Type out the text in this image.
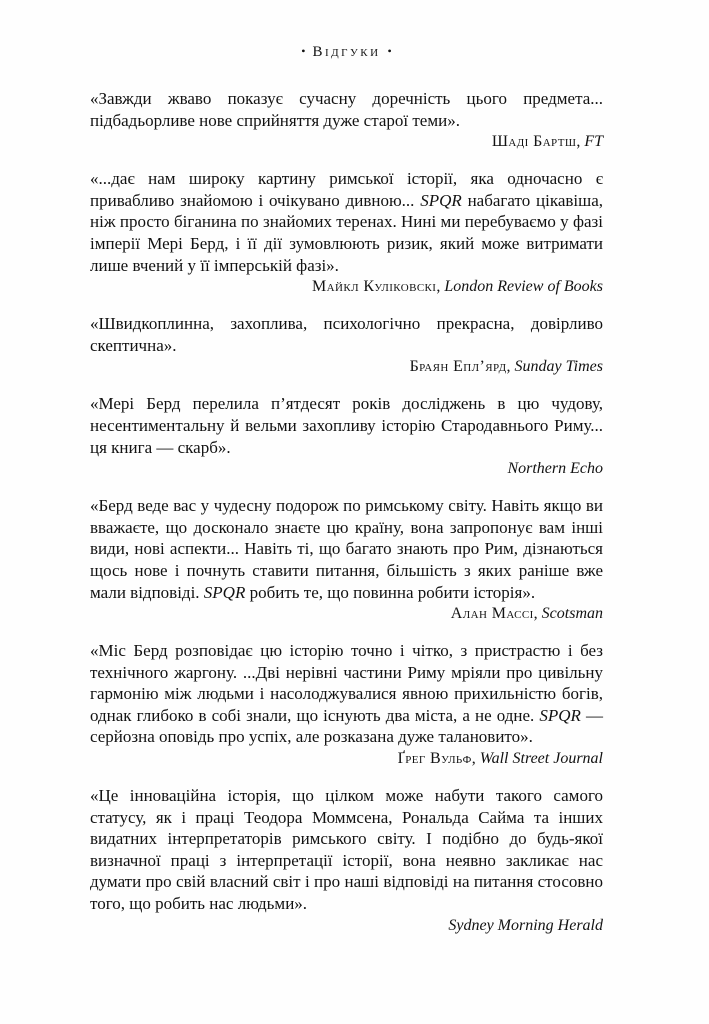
• Відгуки •

«Завжди жваво показує сучасну доречність цього предмета... підбадьорливе нове сприйняття дуже старої теми».

Шаді Бартш, FT

«...дає нам широку картину римської історії, яка одночасно є привабливо знайомою і очікувано дивною... SPQR набагато цікавіша, ніж просто біганина по знайомих теренах. Нині ми перебуваємо у фазі імперії Мері Берд, і її дії зумовлюють ризик, який може витримати лише вчений у її імперській фазі».

Майкл Куліковскі, London Review of Books

«Швидкоплинна, захоплива, психологічно прекрасна, довірливо скептична».

Браян Епл’ярд, Sunday Times

«Мері Берд перелила п’ятдесят років досліджень в цю чудову, несентиментальну й вельми захопливу історію Стародавнього Риму... ця книга — скарб».

Northern Echo

«Берд веде вас у чудесну подорож по римському світу. Навіть якщо ви вважаєте, що досконало знаєте цю країну, вона запропонує вам інші види, нові аспекти... Навіть ті, що багато знають про Рим, дізнаються щось нове і почнуть ставити питання, більшість з яких раніше вже мали відповіді. SPQR робить те, що повинна робити історія».

Алан Массі, Scotsman

«Міс Берд розповідає цю історію точно і чітко, з пристрастю і без технічного жаргону. ...Дві нерівні частини Риму мріяли про цивільну гармонію між людьми і насолоджувалися явною прихильністю богів, однак глибоко в собі знали, що існують два міста, а не одне. SPQR — серйозна оповідь про успіх, але розказана дуже талановито».

Ґрег Вульф, Wall Street Journal

«Це інноваційна історія, що цілком може набути такого самого статусу, як і праці Теодора Моммсена, Рональда Сайма та інших видатних інтерпретаторів римського світу. І подібно до будь-якої визначної праці з інтерпретації історії, вона неявно закликає нас думати про свій власний світ і про наші відповіді на питання стосовно того, що робить нас людьми».

Sydney Morning Herald
